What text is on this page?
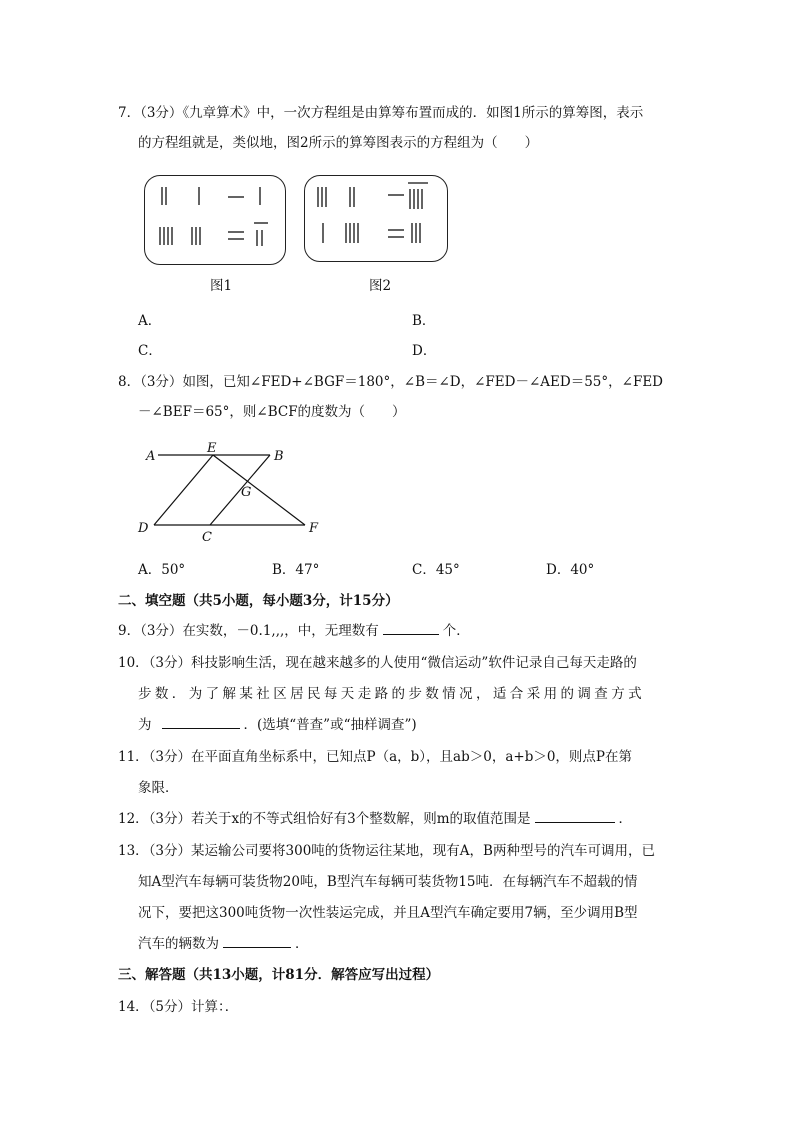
7．（3分）《九章算术》中，一次方程组是由算筹布置而成的．如图1所示的算筹图，表示
的方程组就是，类似地，图2所示的算筹图表示的方程组为（　　）
图1	图2
A．	B．
C．	D．
8．（3分）如图，已知∠FED+∠BGF＝180°，∠B＝∠D，∠FED－∠AED＝55°，∠FED
－∠BEF＝65°，则∠BCF的度数为（　　）
A
E
B
G
D
C
F
A．50°	B．47°	C．45°	D．40°
二、填空题（共5小题，每小题3分，计15分）
9．（3分）在实数，－0.1,,,，中，无理数有	个．
10．（3分）科技影响生活，现在越来越多的人使用“微信运动”软件记录自己每天走路的
步数．为了解某社区居民每天走路的步数情况，适合采用的调查方式
为	．(选填“普查”或“抽样调查”)
11．（3分）在平面直角坐标系中，已知点P（a，b），且ab＞0，a+b＞0，则点P在第
象限．
12．（3分）若关于x的不等式组恰好有3个整数解，则m的取值范围是	．
13．（3分）某运输公司要将300吨的货物运往某地，现有A，B两种型号的汽车可调用，已
知A型汽车每辆可装货物20吨，B型汽车每辆可装货物15吨．在每辆汽车不超载的情
况下，要把这300吨货物一次性装运完成，并且A型汽车确定要用7辆，至少调用B型
汽车的辆数为	．
三、解答题（共13小题，计81分．解答应写出过程）
14．（5分）计算：．
